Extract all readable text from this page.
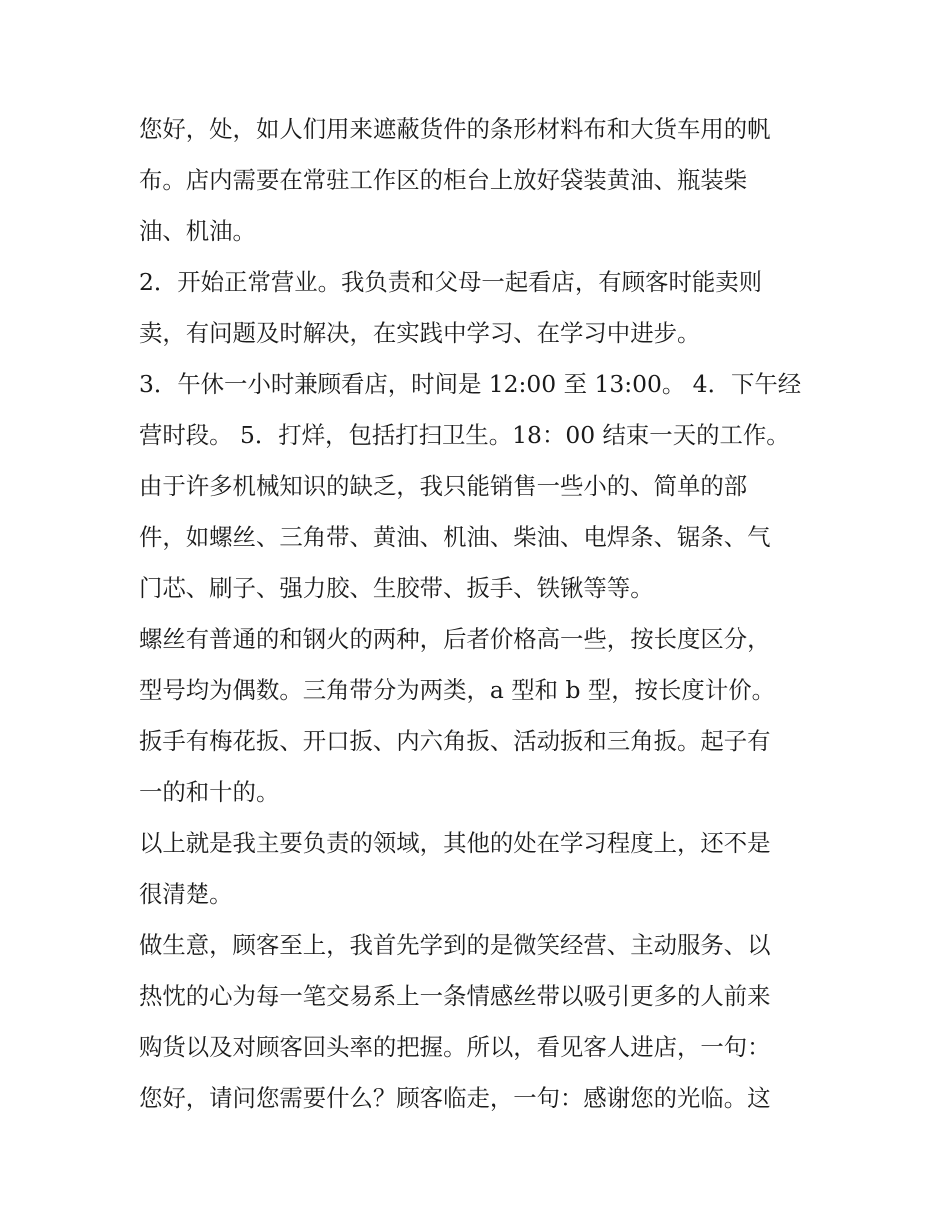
您好，处，如人们用来遮蔽货件的条形材料布和大货车用的帆
布。店内需要在常驻工作区的柜台上放好袋装黄油、瓶装柴
油、机油。
2．开始正常营业。我负责和父母一起看店，有顾客时能卖则
卖，有问题及时解决，在实践中学习、在学习中进步。
3．午休一小时兼顾看店，时间是 12:00 至 13:00。 4．下午经
营时段。 5．打烊，包括打扫卫生。18：00 结束一天的工作。
由于许多机械知识的缺乏，我只能销售一些小的、简单的部
件，如螺丝、三角带、黄油、机油、柴油、电焊条、锯条、气
门芯、刷子、强力胶、生胶带、扳手、铁锹等等。
螺丝有普通的和钢火的两种，后者价格高一些，按长度区分，
型号均为偶数。三角带分为两类，a 型和 b 型，按长度计价。
扳手有梅花扳、开口扳、内六角扳、活动扳和三角扳。起子有
一的和十的。
以上就是我主要负责的领域，其他的处在学习程度上，还不是
很清楚。
做生意，顾客至上，我首先学到的是微笑经营、主动服务、以
热忱的心为每一笔交易系上一条情感丝带以吸引更多的人前来
购货以及对顾客回头率的把握。所以，看见客人进店，一句：
您好，请问您需要什么？顾客临走，一句：感谢您的光临。这
